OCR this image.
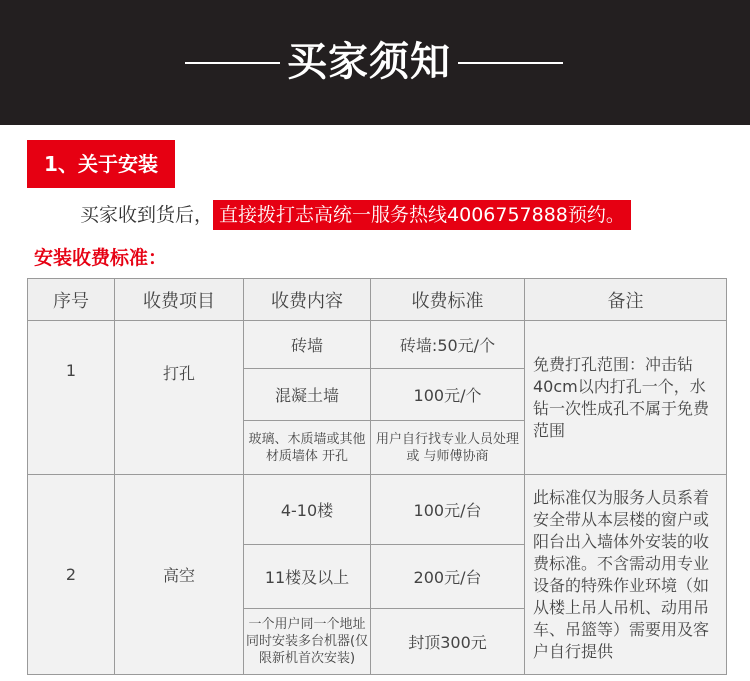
买家须知
1、关于安装
买家收到货后， 直接拨打志高统一服务热线4006757888预约。
安装收费标准：
序号	收费项目	收费内容	收费标准	备注
1	打孔	砖墙	砖墙:50元/个	免费打孔范围：冲击钻40cm以内打孔一个，水钻一次性成孔不属于免费范围
		混凝土墙	100元/个	
		玻璃、木质墙或其他材质墙体 开孔	用户自行找专业人员处理或 与师傅协商	
2	高空	4-10楼	100元/台	此标准仅为服务人员系着安全带从本层楼的窗户或阳台出入墙体外安装的收费标准。不含需动用专业设备的特殊作业环境（如从楼上吊人吊机、动用吊车、吊篮等）需要用及客户自行提供
		11楼及以上	200元/台	
		一个用户同一个地址同时安装多台机器(仅限新机首次安装)	封顶300元	
